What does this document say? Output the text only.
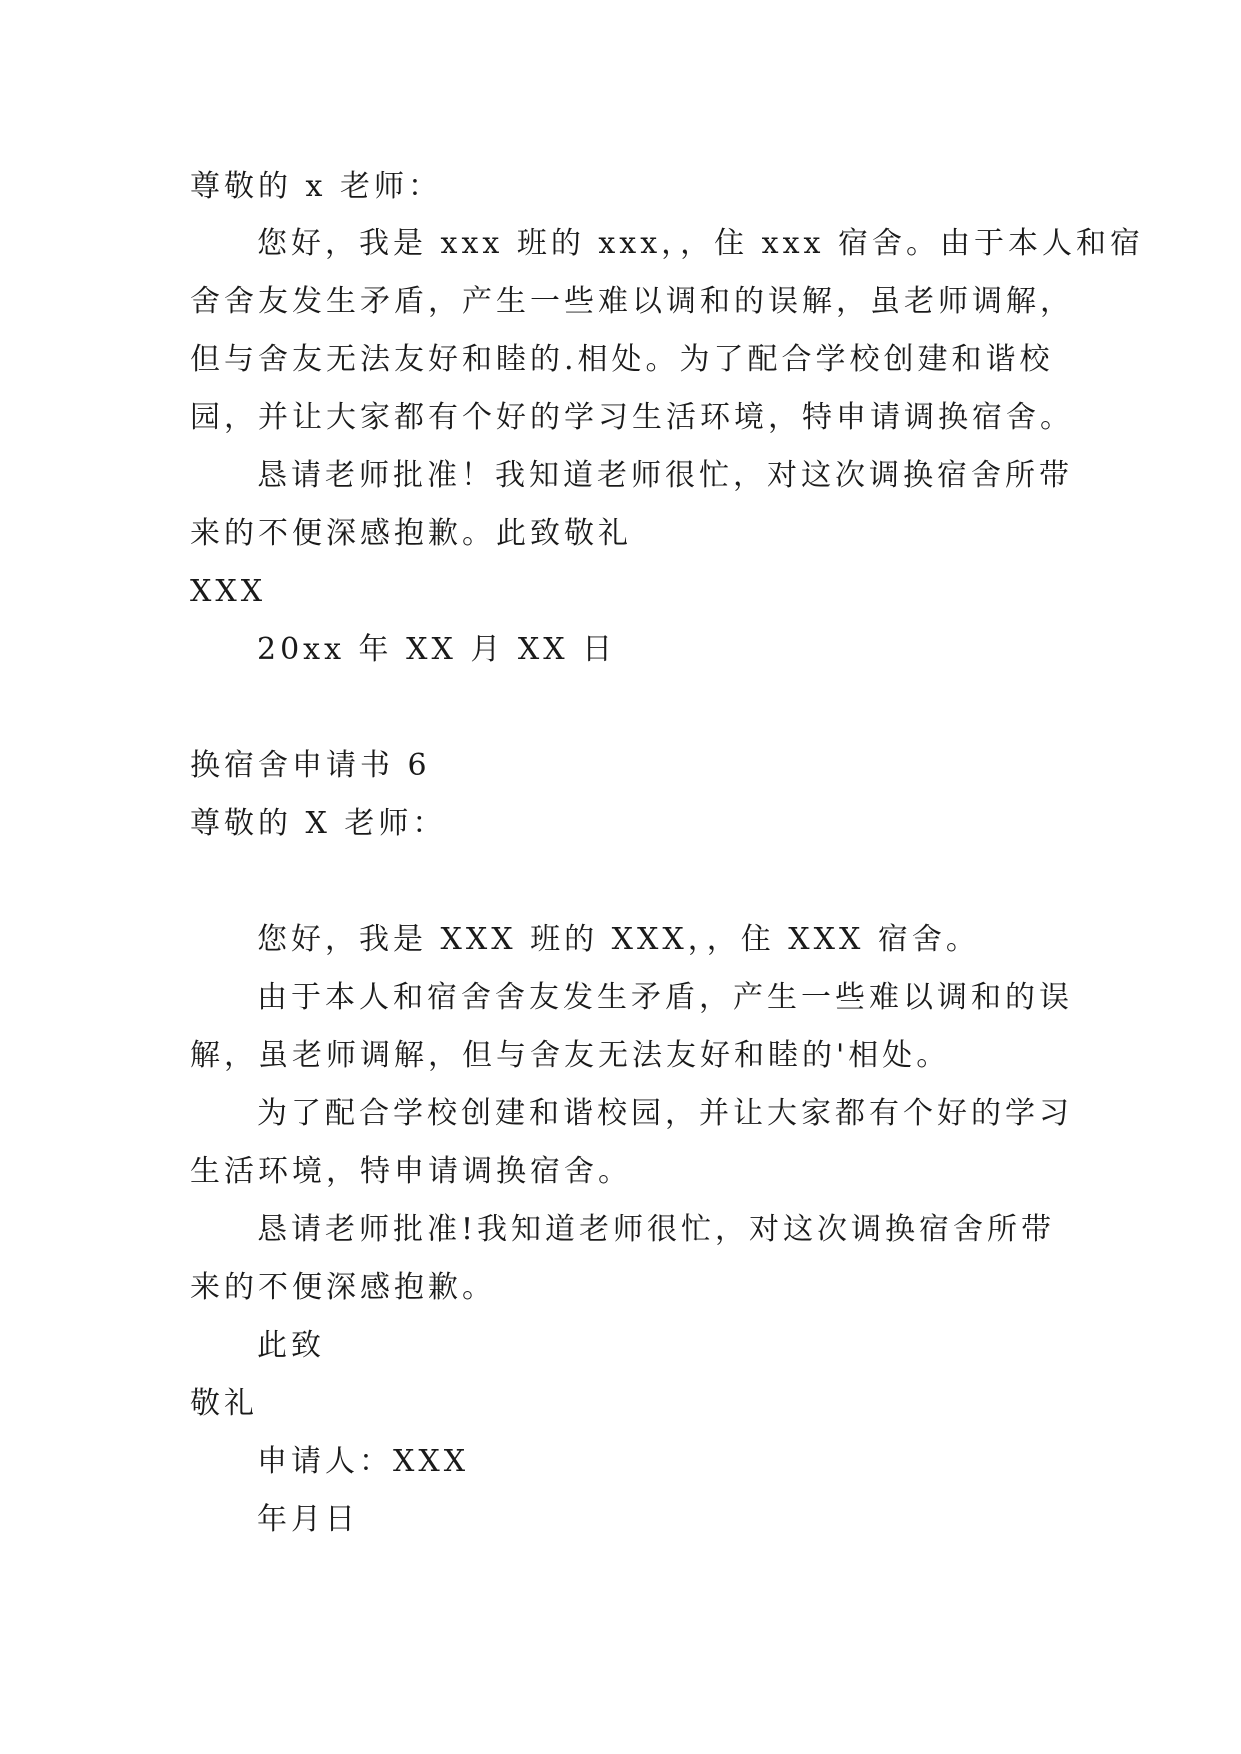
尊敬的 x 老师：
您好，我是 xxx 班的 xxx，，住 xxx 宿舍。由于本人和宿
舍舍友发生矛盾，产生一些难以调和的误解，虽老师调解，
但与舍友无法友好和睦的.相处。为了配合学校创建和谐校
园，并让大家都有个好的学习生活环境，特申请调换宿舍。
恳请老师批准！我知道老师很忙，对这次调换宿舍所带
来的不便深感抱歉。此致敬礼
XXX
20xx 年 XX 月 XX 日
换宿舍申请书 6
尊敬的 X 老师：
您好，我是 XXX 班的 XXX，，住 XXX 宿舍。
由于本人和宿舍舍友发生矛盾，产生一些难以调和的误
解，虽老师调解，但与舍友无法友好和睦的'相处。
为了配合学校创建和谐校园，并让大家都有个好的学习
生活环境，特申请调换宿舍。
恳请老师批准!我知道老师很忙，对这次调换宿舍所带
来的不便深感抱歉。
此致
敬礼
申请人：XXX
年月日
